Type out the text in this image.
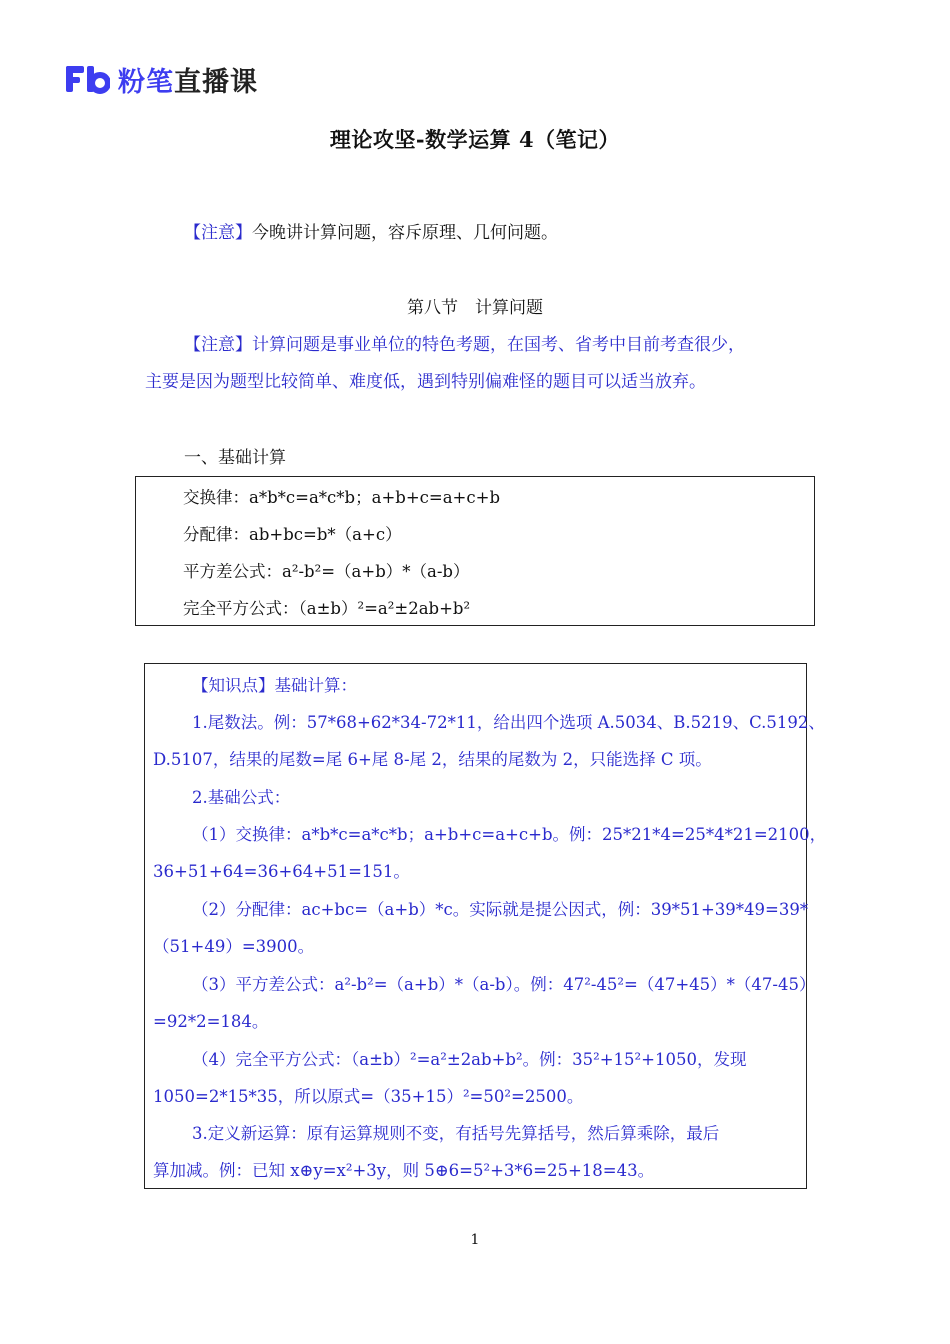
粉笔直播课
理论攻坚-数学运算 4（笔记）
【注意】今晚讲计算问题，容斥原理、几何问题。
第八节　计算问题
【注意】计算问题是事业单位的特色考题，在国考、省考中目前考查很少，
主要是因为题型比较简单、难度低，遇到特别偏难怪的题目可以适当放弃。
一、基础计算
交换律：a*b*c=a*c*b；a+b+c=a+c+b
分配律：ab+bc=b*（a+c）
平方差公式：a²-b²=（a+b）*（a-b）
完全平方公式：（a±b）²=a²±2ab+b²
【知识点】基础计算：
1.尾数法。例：57*68+62*34-72*11，给出四个选项 A.5034、B.5219、C.5192、
D.5107，结果的尾数=尾 6+尾 8-尾 2，结果的尾数为 2，只能选择 C 项。
2.基础公式：
（1）交换律：a*b*c=a*c*b；a+b+c=a+c+b。例：25*21*4=25*4*21=2100，
36+51+64=36+64+51=151。
（2）分配律：ac+bc=（a+b）*c。实际就是提公因式，例：39*51+39*49=39*
（51+49）=3900。
（3）平方差公式：a²-b²=（a+b）*（a-b）。例：47²-45²=（47+45）*（47-45）
=92*2=184。
（4）完全平方公式：（a±b）²=a²±2ab+b²。例：35²+15²+1050，发现
1050=2*15*35，所以原式=（35+15）²=50²=2500。
3.定义新运算：原有运算规则不变，有括号先算括号，然后算乘除，最后
算加减。例：已知 x⊕y=x²+3y，则 5⊕6=5²+3*6=25+18=43。
1
